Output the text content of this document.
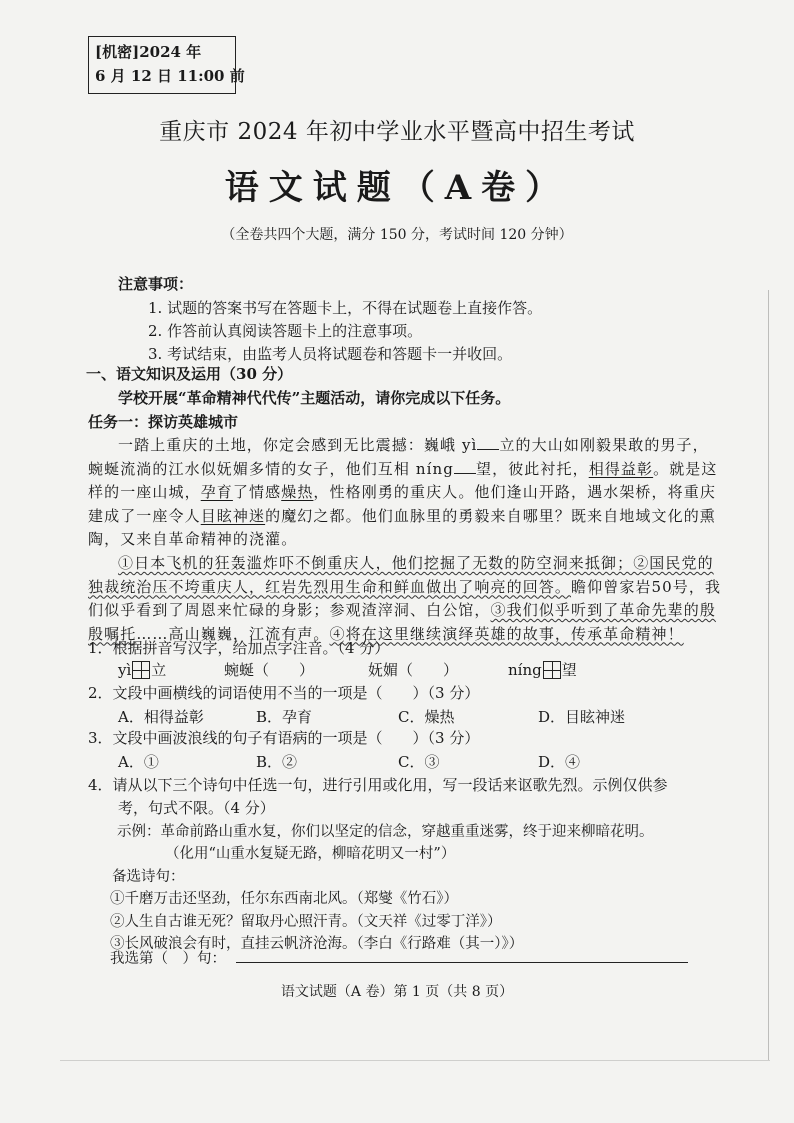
[机密]2024 年
6 月 12 日 11:00 前
重庆市 2024 年初中学业水平暨高中招生考试
语文试题（A卷）
（全卷共四个大题，满分 150 分，考试时间 120 分钟）
注意事项：
1. 试题的答案书写在答题卡上，不得在试题卷上直接作答。
2. 作答前认真阅读答题卡上的注意事项。
3. 考试结束，由监考人员将试题卷和答题卡一并收回。
一、语文知识及运用（30 分）
学校开展“革命精神代代传”主题活动，请你完成以下任务。
任务一：探访英雄城市
一踏上重庆的土地，你定会感到无比震撼：巍峨 yì 立的大山如刚毅果敢的男子，
蜿蜒流淌的江水似妩媚多情的女子，他们互相 níng 望，彼此衬托，相得益彰。就是这
样的一座山城，孕育了情感燥热，性格刚勇的重庆人。他们逢山开路，遇水架桥，将重庆
建成了一座令人目眩神迷的魔幻之都。他们血脉里的勇毅来自哪里？既来自地域文化的熏
陶，又来自革命精神的浇灌。
①日本飞机的狂轰滥炸吓不倒重庆人，他们挖掘了无数的防空洞来抵御；②国民党的
独裁统治压不垮重庆人，红岩先烈用生命和鲜血做出了响亮的回答。瞻仰曾家岩50号，我
们似乎看到了周恩来忙碌的身影；参观渣滓洞、白公馆，③我们似乎听到了革命先辈的殷
殷嘱托……高山巍巍，江流有声。④将在这里继续演绎英雄的故事，传承革命精神！
1．根据拼音写汉字，给加点字注音。（4 分）
yì 立	蜿蜒（　　）	妩媚（　　）	níng 望
2．文段中画横线的词语使用不当的一项是（　　）（3 分）
A．相得益彰	B．孕育	C．燥热	D．目眩神迷
3．文段中画波浪线的句子有语病的一项是（　　）（3 分）
A．①	B．②	C．③	D．④
4．请从以下三个诗句中任选一句，进行引用或化用，写一段话来讴歌先烈。示例仅供参
考，句式不限。（4 分）
示例：革命前路山重水复，你们以坚定的信念，穿越重重迷雾，终于迎来柳暗花明。
（化用“山重水复疑无路，柳暗花明又一村”）
备选诗句：
①千磨万击还坚劲，任尔东西南北风。（郑燮《竹石》）
②人生自古谁无死？留取丹心照汗青。（文天祥《过零丁洋》）
③长风破浪会有时，直挂云帆济沧海。（李白《行路难（其一）》）
我选第（　）句：
语文试题（A 卷）第 1 页（共 8 页）
